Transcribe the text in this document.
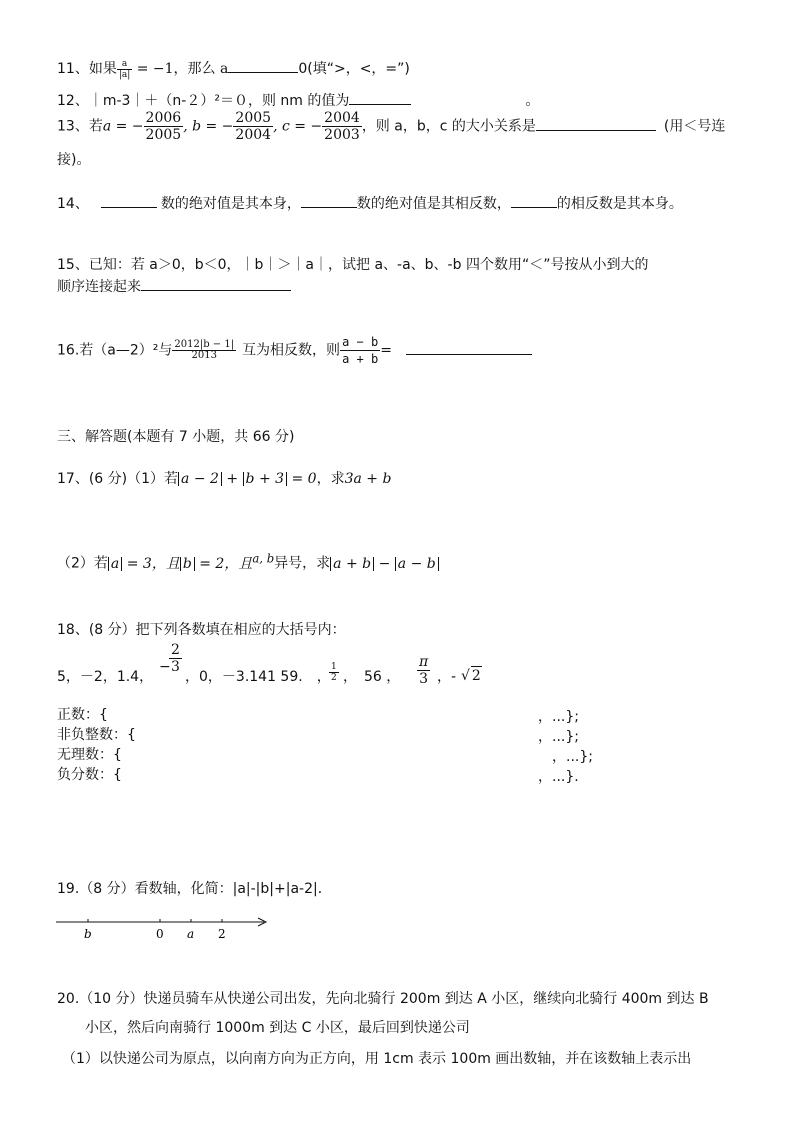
11、如果 $\frac{a}{|a|} = -1$，那么 a	0(填“>，<，=”)
12、｜m-3｜＋（n-２）²＝０，则 nm 的值为	。
13、若a = − $\frac{2006}{2005}$ , b = − $\frac{2005}{2004}$ , c = − $\frac{2004}{2003}$ ，则 a，b，c 的大小关系是	(用＜号连
接)。
14、	数的绝对值是其本身，	数的绝对值是其相反数，	的相反数是其本身。
15、已知：若 a＞0，b＜0，｜b｜＞｜a｜，试把 a、-a、b、-b 四个数用“＜”号按从小到大的
顺序连接起来
16.若（a—2）²与 $\frac{2012|b - 1|}{2013}$ 互为相反数，则 $\frac{a - b}{a + b}$ =
三、解答题(本题有 7 小题，共 66 分)
17、(6 分)（1）若 a − 2 + b + 3 = 0，求3a + b
（2）若 a = 3，且 b = 2，且$^{a, b}$异号，求 a + b − a − b
18、(8 分）把下列各数填在相应的大括号内：
5，－2，1.4，
−
$\frac{2}{3}$
，0，－3.141 59.　，
$\frac{1}{2}$ ，　56 ， $\frac{\pi}{3}$ ，- √ 2
正数：{	，...};
非负整数：{	，...};
无理数：{	，...};
负分数：{	，...}.
19.（8 分）看数轴，化简：|a|-|b|+|a-2|．
b	0 a 2
20.（10 分）快递员骑车从快递公司出发，先向北骑行 200m 到达 A 小区，继续向北骑行 400m 到达 B
小区，然后向南骑行 1000m 到达 C 小区，最后回到快递公司
（1）以快递公司为原点，以向南方向为正方向，用 1cm 表示 100m 画出数轴，并在该数轴上表示出
